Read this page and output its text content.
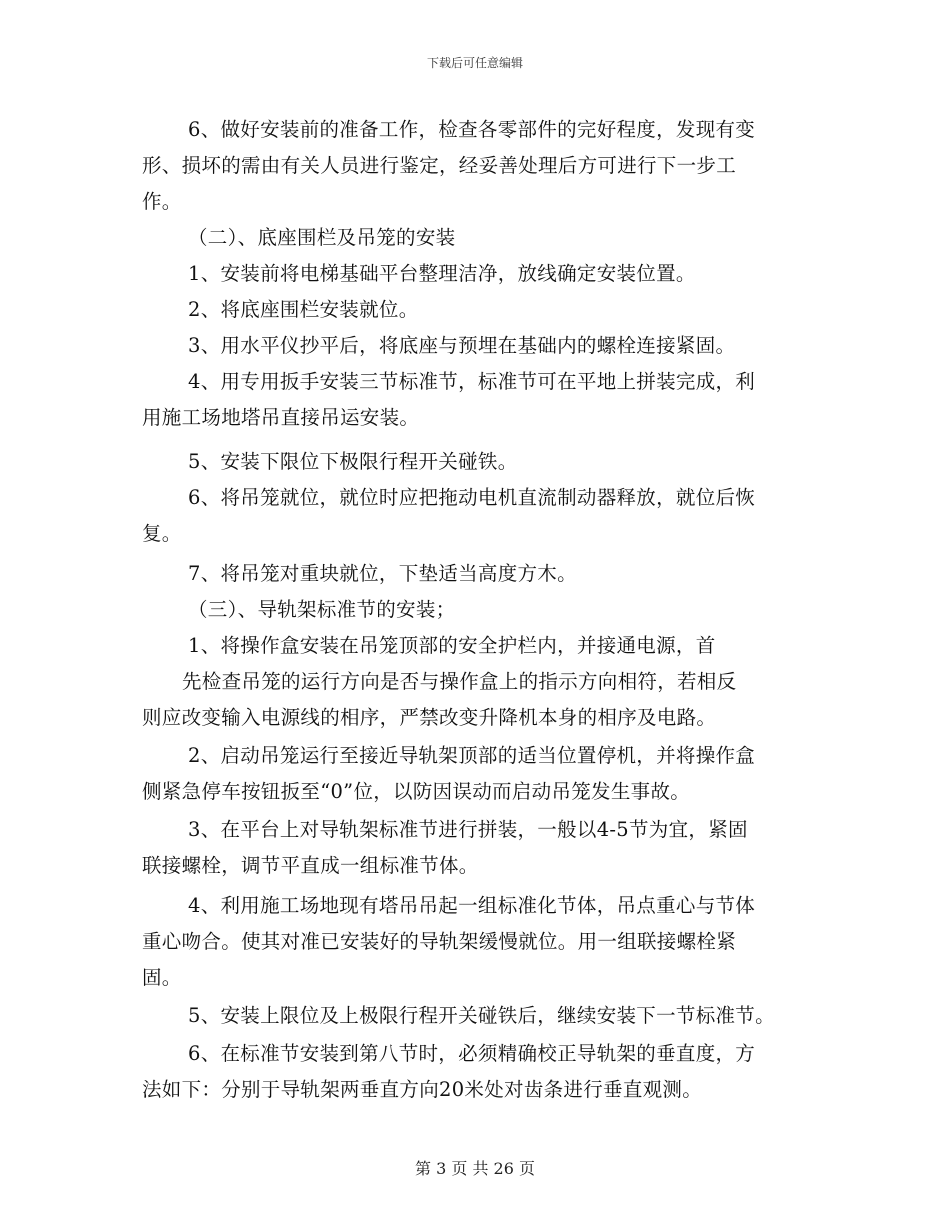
下载后可任意编辑
6、做好安装前的准备工作，检查各零部件的完好程度，发现有变
形、损坏的需由有关人员进行鉴定，经妥善处理后方可进行下一步工
作。
（二）、底座围栏及吊笼的安装
1、安装前将电梯基础平台整理洁净，放线确定安装位置。
2、将底座围栏安装就位。
3、用水平仪抄平后，将底座与预埋在基础内的螺栓连接紧固。
4、用专用扳手安装三节标准节，标准节可在平地上拼装完成，利
用施工场地塔吊直接吊运安装。
5、安装下限位下极限行程开关碰铁。
6、将吊笼就位，就位时应把拖动电机直流制动器释放，就位后恢
复。
7、将吊笼对重块就位，下垫适当高度方木。
（三）、导轨架标准节的安装；
1、将操作盒安装在吊笼顶部的安全护栏内，并接通电源，首
先检查吊笼的运行方向是否与操作盒上的指示方向相符，若相反
则应改变输入电源线的相序，严禁改变升降机本身的相序及电路。
2、启动吊笼运行至接近导轨架顶部的适当位置停机，并将操作盒
侧紧急停车按钮扳至“0”位，以防因误动而启动吊笼发生事故。
3、在平台上对导轨架标准节进行拼装，一般以4-5节为宜，紧固
联接螺栓，调节平直成一组标准节体。
4、利用施工场地现有塔吊吊起一组标准化节体，吊点重心与节体
重心吻合。使其对准已安装好的导轨架缓慢就位。用一组联接螺栓紧
固。
5、安装上限位及上极限行程开关碰铁后，继续安装下一节标准节。
6、在标准节安装到第八节时，必须精确校正导轨架的垂直度，方
法如下：分别于导轨架两垂直方向20米处对齿条进行垂直观测。
第 3 页 共 26 页
